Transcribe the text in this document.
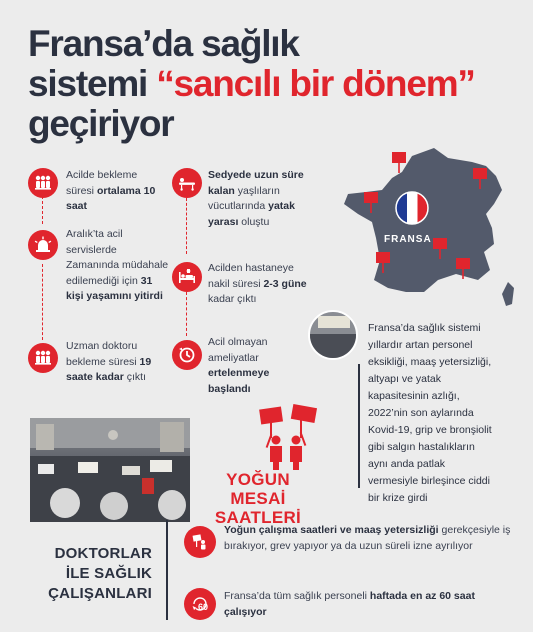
Fransa’da sağlık
sistemi “sancılı bir dönem”
geçiriyor
Acilde bekleme süresi ortalama 10 saat
Aralık’ta acil servislerde Zamanında müdahale edilemediği için 31 kişi yaşamını yitirdi
Uzman doktoru bekleme süresi 19 saate kadar çıktı
Sedyede uzun süre kalan yaşlıların vücutlarında yatak yarası oluştu
Acilden hastaneye nakil süresi 2-3 güne kadar çıktı
Acil olmayan ameliyatlar ertelenmeye başlandı
FRANSA
Fransa’da sağlık sistemi yıllardır artan personel eksikliği, maaş yetersizliği, altyapı ve yatak kapasitesinin azlığı, 2022’nin son aylarında Kovid-19, grip ve bronşiolit gibi salgın hastalıkların aynı anda patlak vermesiyle birleşince ciddi bir krize girdi
YOĞUN
MESAİ SAATLERİ
DOKTORLAR
İLE SAĞLIK
ÇALIŞANLARI
Yoğun çalışma saatleri ve maaş yetersizliği gerekçesiyle iş bırakıyor, grev yapıyor ya da uzun süreli izne ayrılıyor
60
Fransa’da tüm sağlık personeli haftada en az 60 saat çalışıyor
